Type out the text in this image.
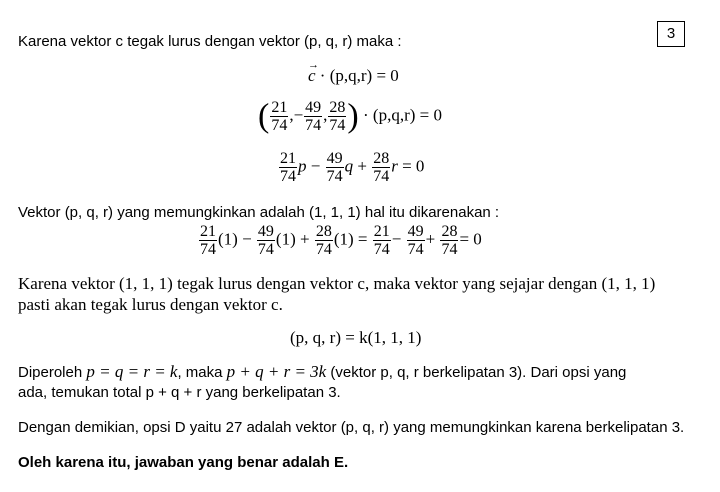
3
Karena vektor c tegak lurus dengan vektor (p, q, r) maka :
→ c · (p,q,r) = 0
( $\frac{21}{74}$ ,− $\frac{49}{74}$ , $\frac{28}{74}$ ) · (p,q,r) = 0
$\frac{21}{74}$ $p - \frac{49}{74}$ $q + \frac{28}{74}$ r = 0
Vektor (p, q, r) yang memungkinkan adalah (1, 1, 1) hal itu dikarenakan :
$\frac{21}{74} (1) - \frac{49}{74} (1) + \frac{28}{74} (1) = \frac{21}{74} - \frac{49}{74} + \frac{28}{74} = 0$
Karena vektor (1, 1, 1) tegak lurus dengan vektor c, maka vektor yang sejajar dengan (1, 1, 1)
pasti akan tegak lurus dengan vektor c.
(p, q, r) = k(1, 1, 1)
Diperoleh p = q = r = k, maka p + q + r = 3k (vektor p, q, r berkelipatan 3). Dari opsi yang
ada, temukan total p + q + r yang berkelipatan 3.
Dengan demikian, opsi D yaitu 27 adalah vektor (p, q, r) yang memungkinkan karena berkelipatan 3.
Oleh karena itu, jawaban yang benar adalah E.
